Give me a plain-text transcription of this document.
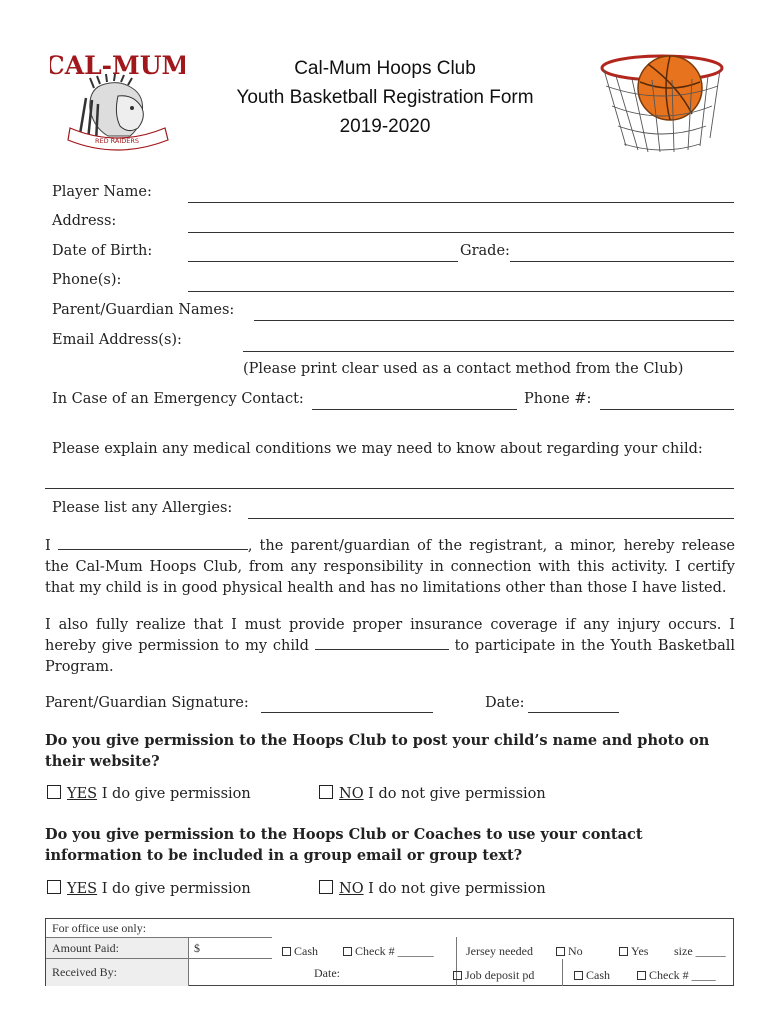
CAL-MUM
RED RAIDERS
Cal-Mum Hoops Club
Youth Basketball Registration Form
2019-2020
Player Name:
Address:
Date of Birth:	Grade:
Phone(s):
Parent/Guardian Names:
Email Address(s):
(Please print clear used as a contact method from the Club)
In Case of an Emergency Contact:	Phone #:
Please explain any medical conditions we may need to know about regarding your child:
Please list any Allergies:
I	, the parent/guardian of the registrant, a minor, hereby release the Cal-Mum Hoops Club, from any responsibility in connection with this activity. I certify that my child is in good physical health and has no limitations other than those I have listed.
I also fully realize that I must provide proper insurance coverage if any injury occurs. I hereby give permission to my child	to participate in the Youth Basketball Program.
Parent/Guardian Signature:	Date:
Do you give permission to the Hoops Club to post your child’s name and photo on their website?
YES I do give permission	NO I do not give permission
Do you give permission to the Hoops Club or Coaches to use your contact information to be included in a group email or group text?
YES I do give permission	NO I do not give permission
For office use only:
Amount Paid:	$	Cash	Check # ______	Jersey needed	No	Yes size _____
Received By:	Date:	Job deposit pd	Cash	Check # ____
